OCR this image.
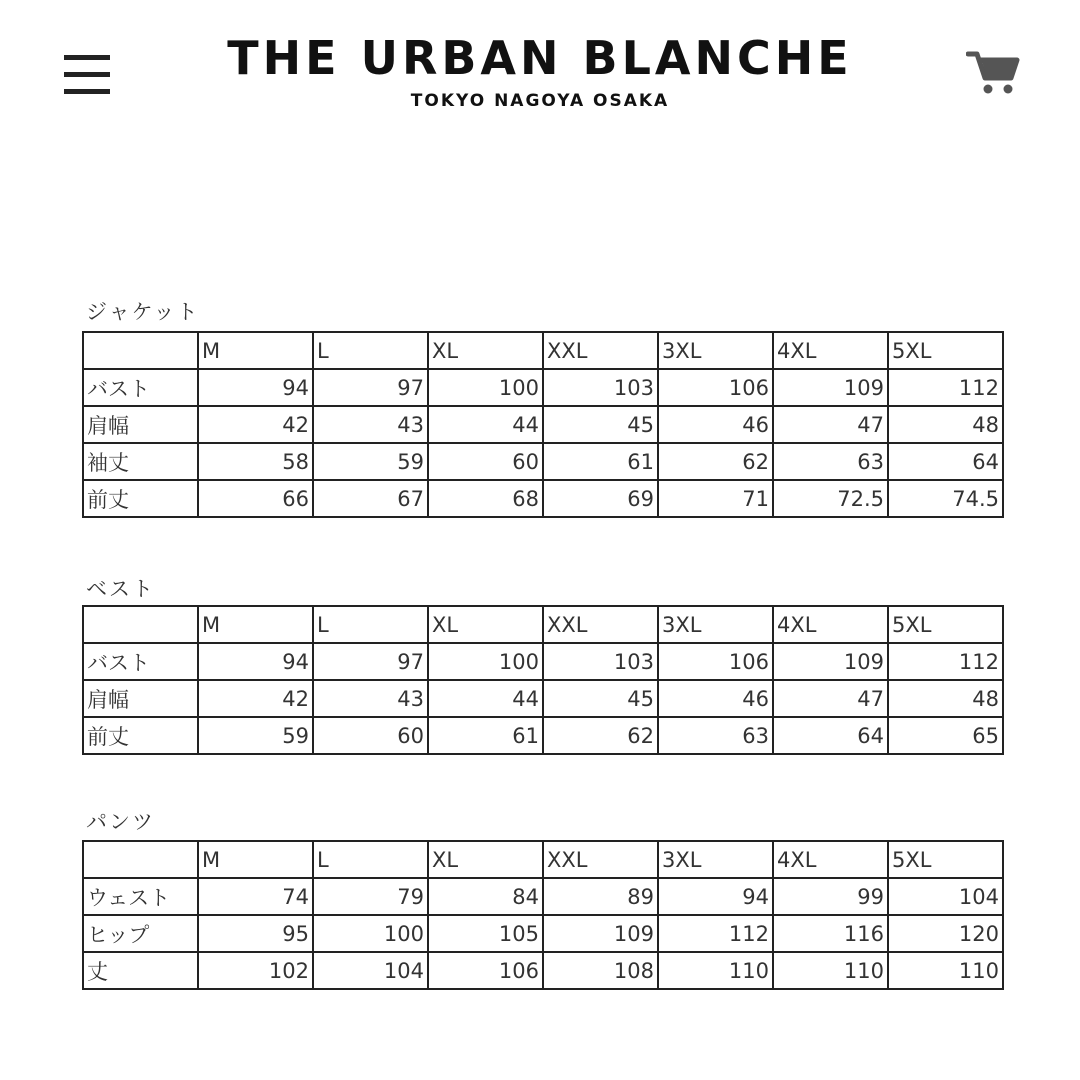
THE URBAN BLANCHE
TOKYO NAGOYA OSAKA
ジャケット
	M	L	XL	XXL	3XL	4XL	5XL
バスト	94	97	100	103	106	109	112
肩幅	42	43	44	45	46	47	48
袖丈	58	59	60	61	62	63	64
前丈	66	67	68	69	71	72.5	74.5
ベスト
	M	L	XL	XXL	3XL	4XL	5XL
バスト	94	97	100	103	106	109	112
肩幅	42	43	44	45	46	47	48
前丈	59	60	61	62	63	64	65
パンツ
	M	L	XL	XXL	3XL	4XL	5XL
ウェスト	74	79	84	89	94	99	104
ヒップ	95	100	105	109	112	116	120
丈	102	104	106	108	110	110	110
